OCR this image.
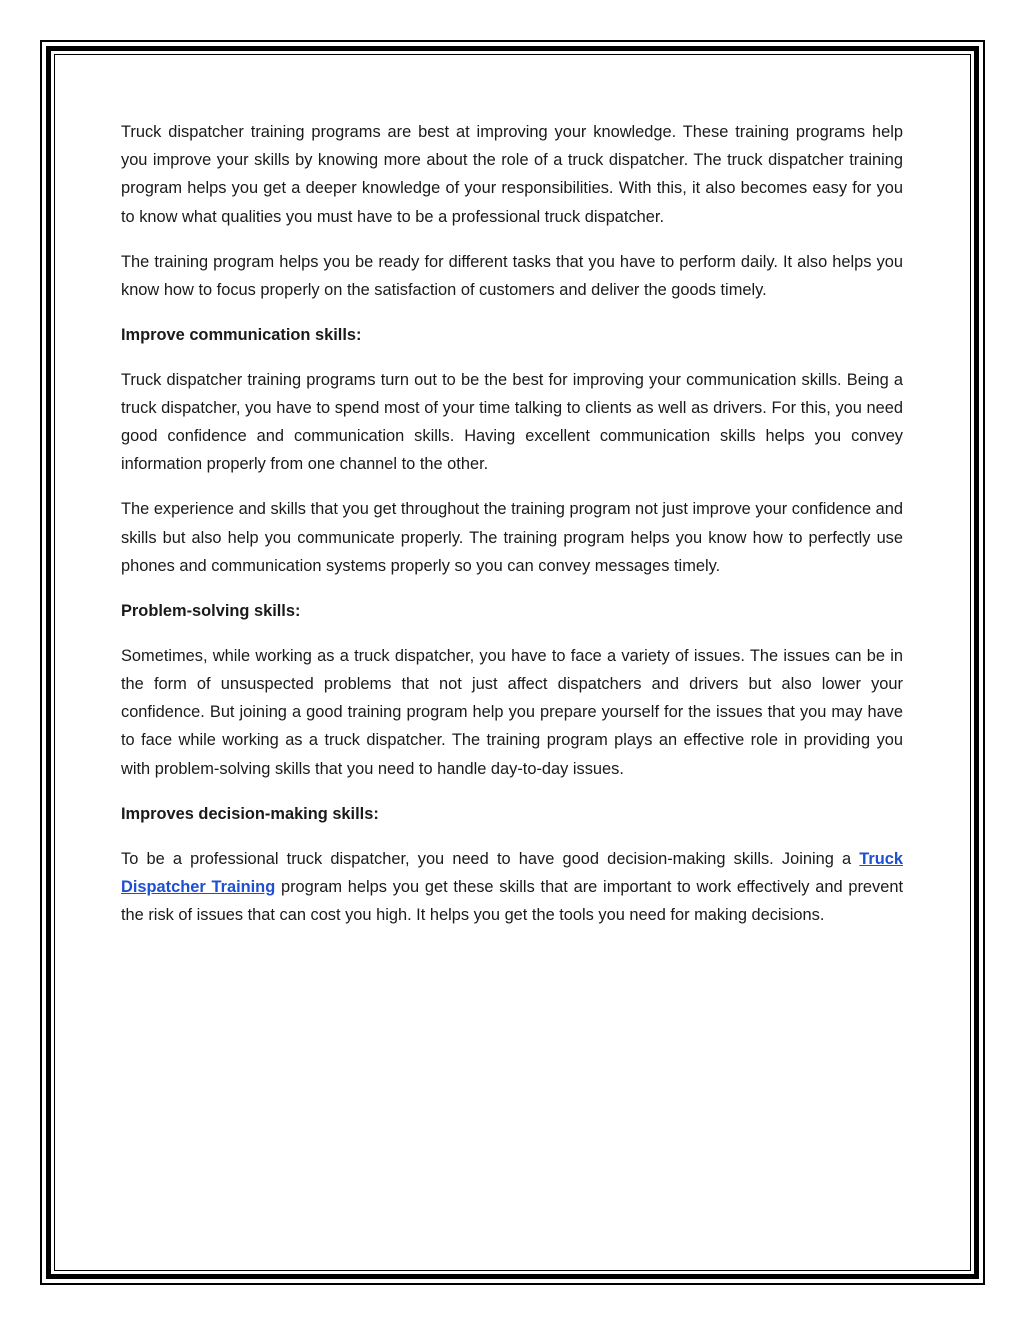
Truck dispatcher training programs are best at improving your knowledge. These training programs help you improve your skills by knowing more about the role of a truck dispatcher. The truck dispatcher training program helps you get a deeper knowledge of your responsibilities. With this, it also becomes easy for you to know what qualities you must have to be a professional truck dispatcher.

The training program helps you be ready for different tasks that you have to perform daily. It also helps you know how to focus properly on the satisfaction of customers and deliver the goods timely.

Improve communication skills:

Truck dispatcher training programs turn out to be the best for improving your communication skills. Being a truck dispatcher, you have to spend most of your time talking to clients as well as drivers. For this, you need good confidence and communication skills. Having excellent communication skills helps you convey information properly from one channel to the other.

The experience and skills that you get throughout the training program not just improve your confidence and skills but also help you communicate properly. The training program helps you know how to perfectly use phones and communication systems properly so you can convey messages timely.

Problem-solving skills:

Sometimes, while working as a truck dispatcher, you have to face a variety of issues. The issues can be in the form of unsuspected problems that not just affect dispatchers and drivers but also lower your confidence. But joining a good training program help you prepare yourself for the issues that you may have to face while working as a truck dispatcher. The training program plays an effective role in providing you with problem-solving skills that you need to handle day-to-day issues.

Improves decision-making skills:

To be a professional truck dispatcher, you need to have good decision-making skills. Joining a Truck Dispatcher Training program helps you get these skills that are important to work effectively and prevent the risk of issues that can cost you high. It helps you get the tools you need for making decisions.
